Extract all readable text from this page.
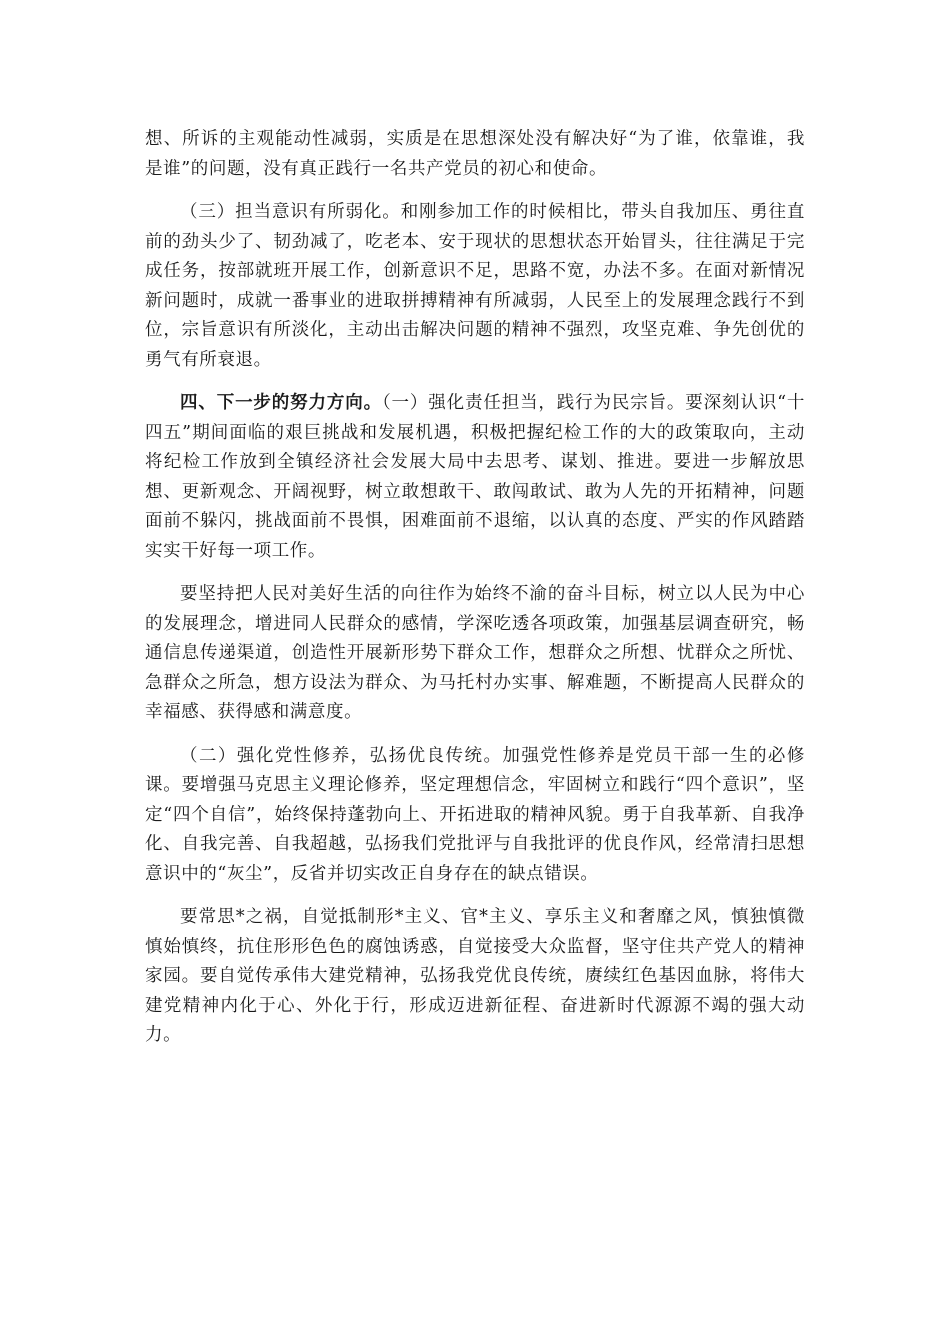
想、所诉的主观能动性减弱，实质是在思想深处没有解决好“为了谁，依靠谁，我是谁”的问题，没有真正践行一名共产党员的初心和使命。

（三）担当意识有所弱化。和刚参加工作的时候相比，带头自我加压、勇往直前的劲头少了、韧劲减了，吃老本、安于现状的思想状态开始冒头，往往满足于完成任务，按部就班开展工作，创新意识不足，思路不宽，办法不多。在面对新情况新问题时，成就一番事业的进取拼搏精神有所减弱，人民至上的发展理念践行不到位，宗旨意识有所淡化，主动出击解决问题的精神不强烈，攻坚克难、争先创优的勇气有所衰退。

四、下一步的努力方向。（一）强化责任担当，践行为民宗旨。要深刻认识“十四五”期间面临的艰巨挑战和发展机遇，积极把握纪检工作的大的政策取向，主动将纪检工作放到全镇经济社会发展大局中去思考、谋划、推进。要进一步解放思想、更新观念、开阔视野，树立敢想敢干、敢闯敢试、敢为人先的开拓精神，问题面前不躲闪，挑战面前不畏惧，困难面前不退缩，以认真的态度、严实的作风踏踏实实干好每一项工作。

要坚持把人民对美好生活的向往作为始终不渝的奋斗目标，树立以人民为中心的发展理念，增进同人民群众的感情，学深吃透各项政策，加强基层调查研究，畅通信息传递渠道，创造性开展新形势下群众工作，想群众之所想、忧群众之所忧、急群众之所急，想方设法为群众、为马托村办实事、解难题，不断提高人民群众的幸福感、获得感和满意度。

（二）强化党性修养，弘扬优良传统。加强党性修养是党员干部一生的必修课。要增强马克思主义理论修养，坚定理想信念，牢固树立和践行“四个意识”，坚定“四个自信”，始终保持蓬勃向上、开拓进取的精神风貌。勇于自我革新、自我净化、自我完善、自我超越，弘扬我们党批评与自我批评的优良作风，经常清扫思想意识中的“灰尘”，反省并切实改正自身存在的缺点错误。

要常思*之祸，自觉抵制形*主义、官*主义、享乐主义和奢靡之风，慎独慎微慎始慎终，抗住形形色色的腐蚀诱惑，自觉接受大众监督，坚守住共产党人的精神家园。要自觉传承伟大建党精神，弘扬我党优良传统，赓续红色基因血脉，将伟大建党精神内化于心、外化于行，形成迈进新征程、奋进新时代源源不竭的强大动力。
